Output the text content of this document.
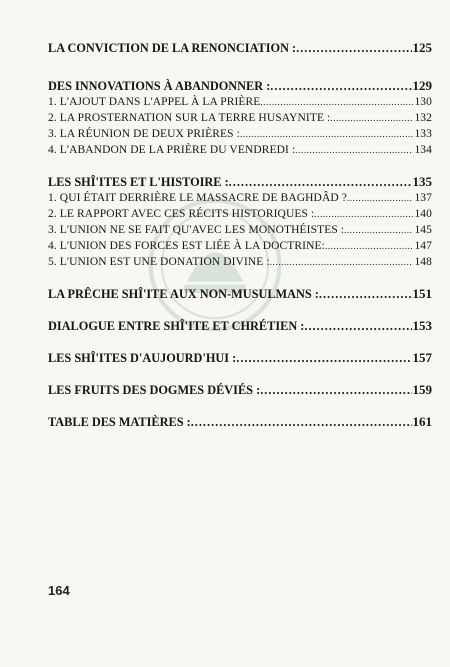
LA CONVICTION DE LA RENONCIATION : .....	125
DES INNOVATIONS À ABANDONNER : .....	129
1. L'AJOUT DANS L'APPEL À LA PRIÈRE .....	130
2. LA PROSTERNATION SUR LA TERRE HUSAYNITE : .....	132
3. LA RÉUNION DE DEUX PRIÈRES : .....	133
4. L'ABANDON DE LA PRIÈRE DU VENDREDI : .....	134
LES SHÎ'ITES ET L'HISTOIRE : .....	135
1. QUI ÉTAIT DERRIÈRE LE MASSACRE DE BAGHDÂD ? .....	137
2. LE RAPPORT AVEC CES RÉCITS HISTORIQUES : .....	140
3. L'UNION NE SE FAIT QU'AVEC LES MONOTHÉISTES : .....	145
4. L'UNION DES FORCES EST LIÉE À LA DOCTRINE: .....	147
5. L'UNION EST UNE DONATION DIVINE : .....	148
LA PRÊCHE SHÎ'ITE AUX NON-MUSULMANS : .....	151
DIALOGUE ENTRE SHÎ'ITE ET CHRÉTIEN : .....	153
LES SHÎ'ITES D'AUJOURD'HUI : .....	157
LES FRUITS DES DOGMES DÉVIÉS : .....	159
TABLE DES MATIÈRES : .....	161
164
